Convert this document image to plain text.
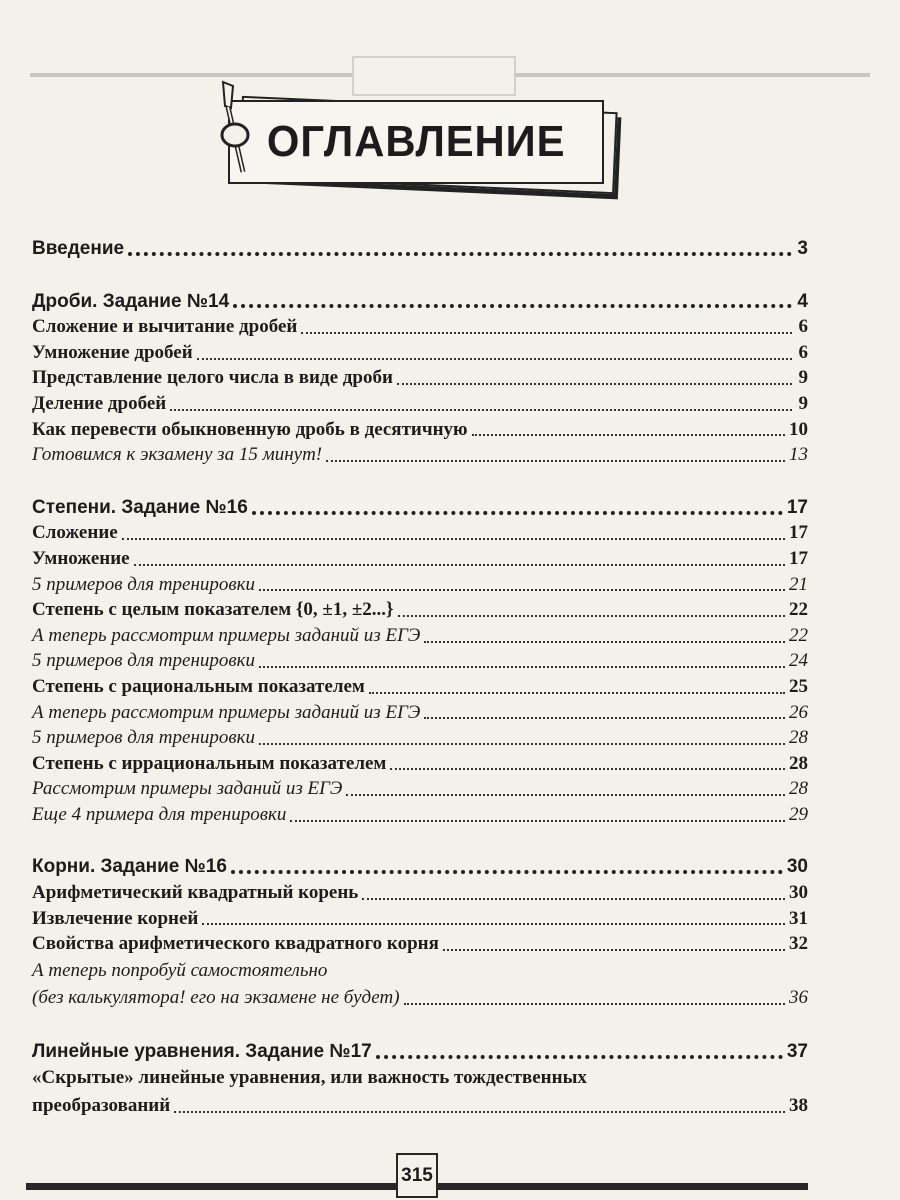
ОГЛАВЛЕНИЕ
Введение	3
Дроби. Задание №14	4
Сложение и вычитание дробей	6
Умножение дробей	6
Представление целого числа в виде дроби	9
Деление дробей	9
Как перевести обыкновенную дробь в десятичную	10
Готовимся к экзамену за 15 минут!	13
Степени. Задание №16	17
Сложение	17
Умножение	17
5 примеров для тренировки	21
Степень с целым показателем {0, ±1, ±2...}	22
А теперь рассмотрим примеры заданий из ЕГЭ	22
5 примеров для тренировки	24
Степень с рациональным показателем	25
А теперь рассмотрим примеры заданий из ЕГЭ	26
5 примеров для тренировки	28
Степень с иррациональным показателем	28
Рассмотрим примеры заданий из ЕГЭ	28
Еще 4 примера для тренировки	29
Корни. Задание №16	30
Арифметический квадратный корень	30
Извлечение корней	31
Свойства арифметического квадратного корня	32
А теперь попробуй самостоятельно
(без калькулятора! его на экзамене не будет)	36
Линейные уравнения. Задание №17	37
«Скрытые» линейные уравнения, или важность тождественных
преобразований	38
315
